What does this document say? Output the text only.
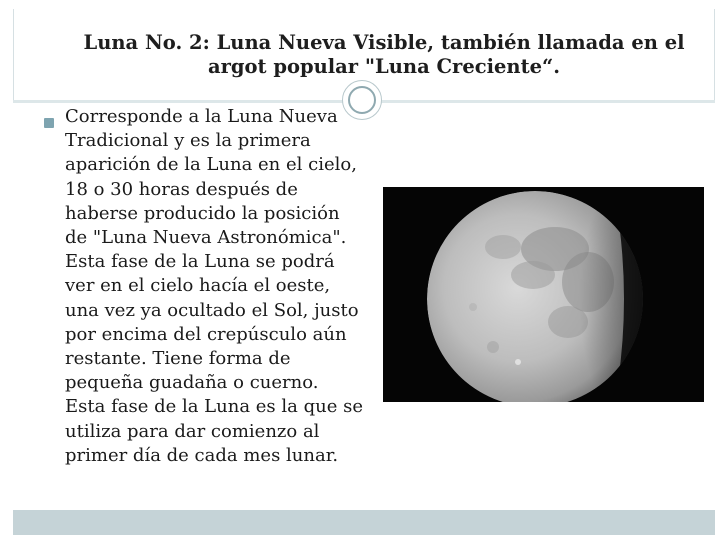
Luna No. 2: Luna Nueva Visible, también llamada en el argot popular "Luna Creciente“.

Corresponde a la Luna Nueva
Tradicional y es la primera
aparición de la Luna en el cielo,
18 o 30 horas después de
haberse producido la posición
de "Luna Nueva Astronómica".
Esta fase de la Luna se podrá
ver en el cielo hacía el oeste,
una vez ya ocultado el Sol, justo
por encima del crepúsculo aún
restante. Tiene forma de
pequeña guadaña o cuerno.
Esta fase de la Luna es la que se
utiliza para dar comienzo al
primer día de cada mes lunar.
